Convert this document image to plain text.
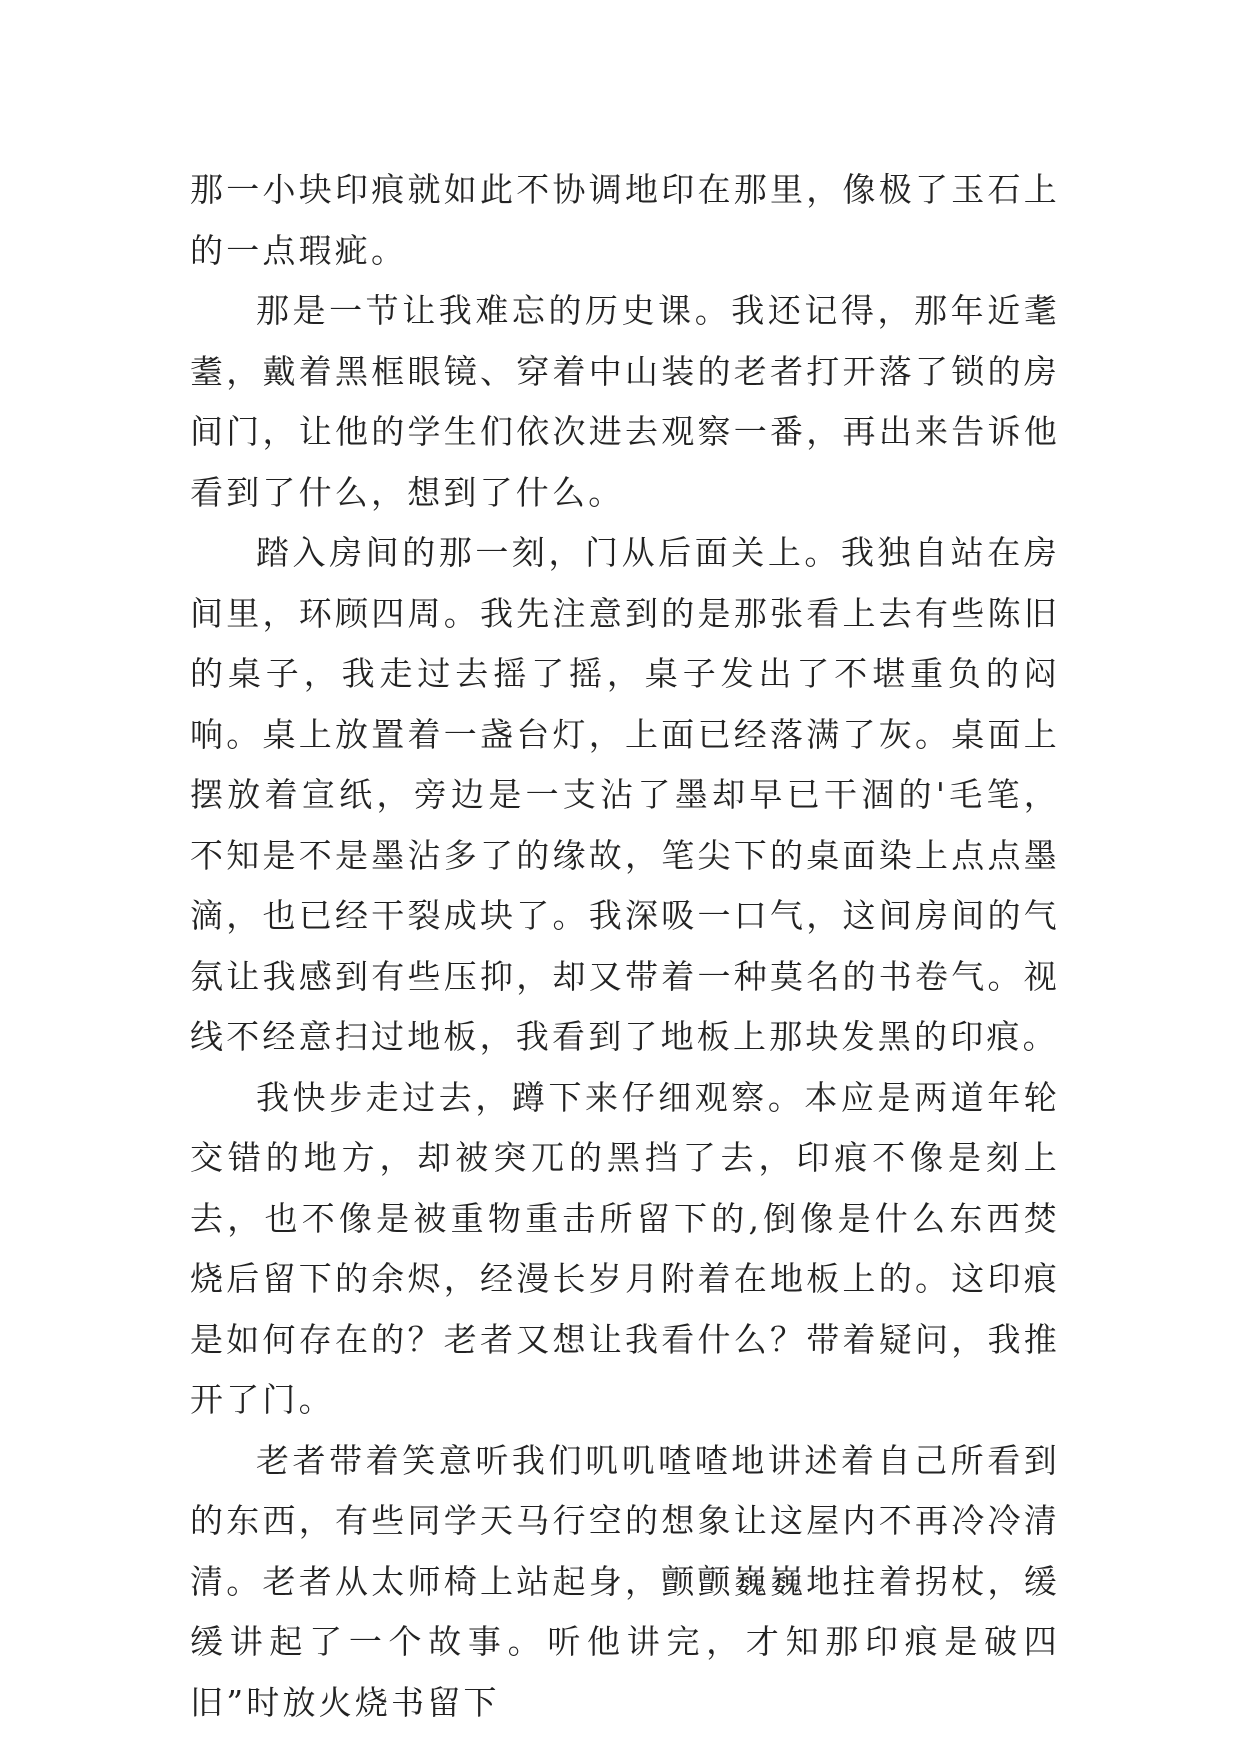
那一小块印痕就如此不协调地印在那里，像极了玉石上的一点瑕疵。

那是一节让我难忘的历史课。我还记得，那年近耄耋，戴着黑框眼镜、穿着中山装的老者打开落了锁的房间门，让他的学生们依次进去观察一番，再出来告诉他看到了什么，想到了什么。

踏入房间的那一刻，门从后面关上。我独自站在房间里，环顾四周。我先注意到的是那张看上去有些陈旧的桌子，我走过去摇了摇，桌子发出了不堪重负的闷响。桌上放置着一盏台灯，上面已经落满了灰。桌面上摆放着宣纸，旁边是一支沾了墨却早已干涸的'毛笔，不知是不是墨沾多了的缘故，笔尖下的桌面染上点点墨滴，也已经干裂成块了。我深吸一口气，这间房间的气氛让我感到有些压抑，却又带着一种莫名的书卷气。视线不经意扫过地板，我看到了地板上那块发黑的印痕。

我快步走过去，蹲下来仔细观察。本应是两道年轮交错的地方，却被突兀的黑挡了去，印痕不像是刻上去，也不像是被重物重击所留下的,倒像是什么东西焚烧后留下的余烬，经漫长岁月附着在地板上的。这印痕是如何存在的？老者又想让我看什么？带着疑问，我推开了门。

老者带着笑意听我们叽叽喳喳地讲述着自己所看到的东西，有些同学天马行空的想象让这屋内不再冷冷清清。老者从太师椅上站起身，颤颤巍巍地拄着拐杖，缓缓讲起了一个故事。听他讲完，才知那印痕是破四旧”时放火烧书留下
